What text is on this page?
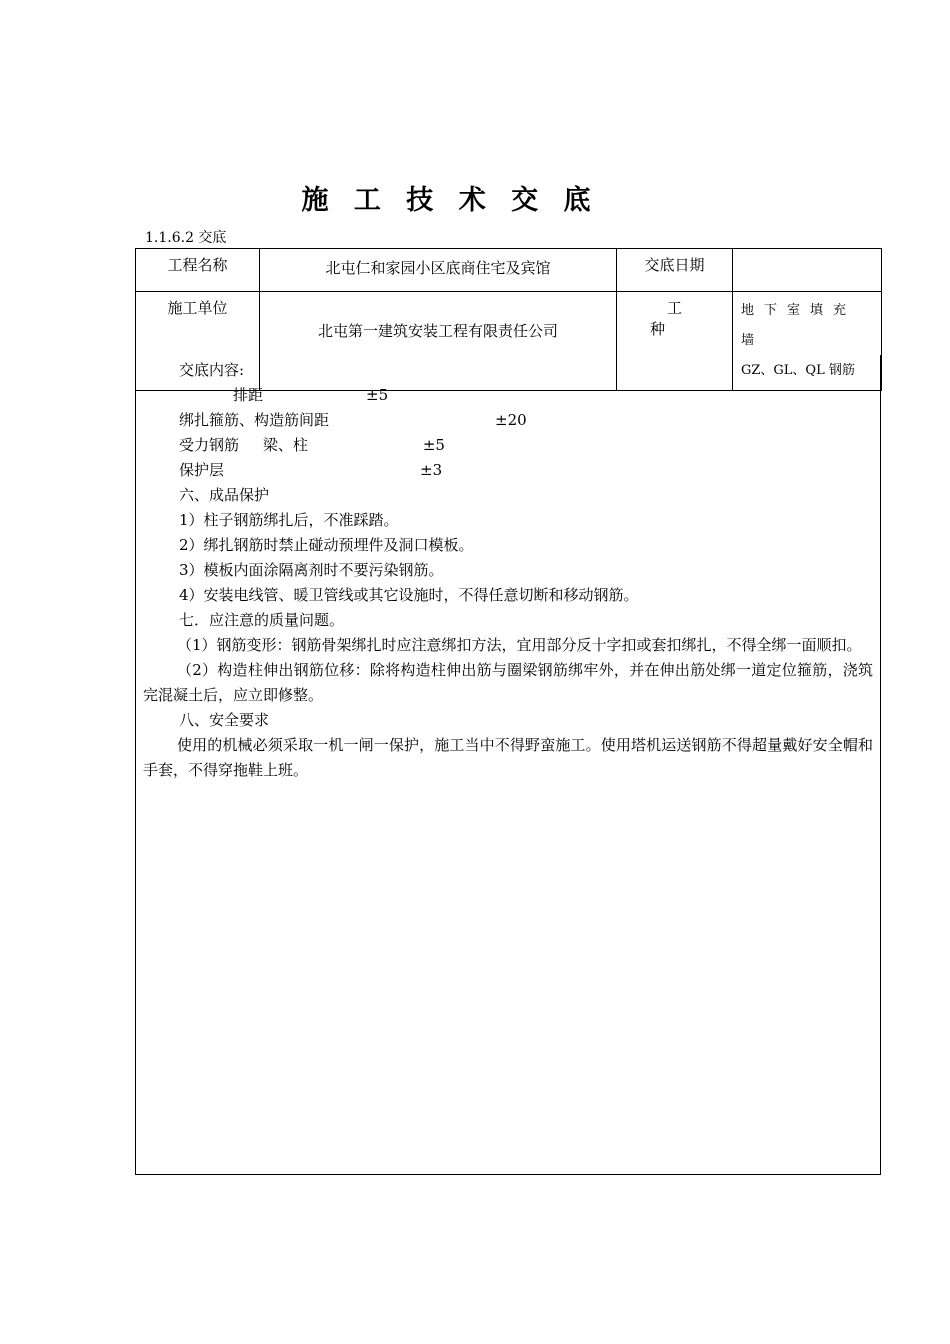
施 工 技 术 交 底
1.1.6.2 交底
工程名称	北屯仁和家园小区底商住宅及宾馆	交底日期	
施工单位	北屯第一建筑安装工程有限责任公司	工种	地下室填充墙
GZ、GL、QL 钢筋
交底内容:
排距	±5
绑扎箍筋、构造筋间距	±20
受力钢筋     梁、柱	±5
保护层	±3
六、成品保护
1）柱子钢筋绑扎后，不准踩踏。
2）绑扎钢筋时禁止碰动预埋件及洞口模板。
3）模板内面涂隔离剂时不要污染钢筋。
4）安装电线管、暖卫管线或其它设施时，不得任意切断和移动钢筋。
七．应注意的质量问题。
（1）钢筋变形：钢筋骨架绑扎时应注意绑扣方法，宜用部分反十字扣或套扣绑扎，不得全绑一面顺扣。
（2）构造柱伸出钢筋位移：除将构造柱伸出筋与圈梁钢筋绑牢外，并在伸出筋处绑一道定位箍筋，浇筑完混凝土后，应立即修整。
八、安全要求
使用的机械必须采取一机一闸一保护，施工当中不得野蛮施工。使用塔机运送钢筋不得超量戴好安全帽和手套，不得穿拖鞋上班。
